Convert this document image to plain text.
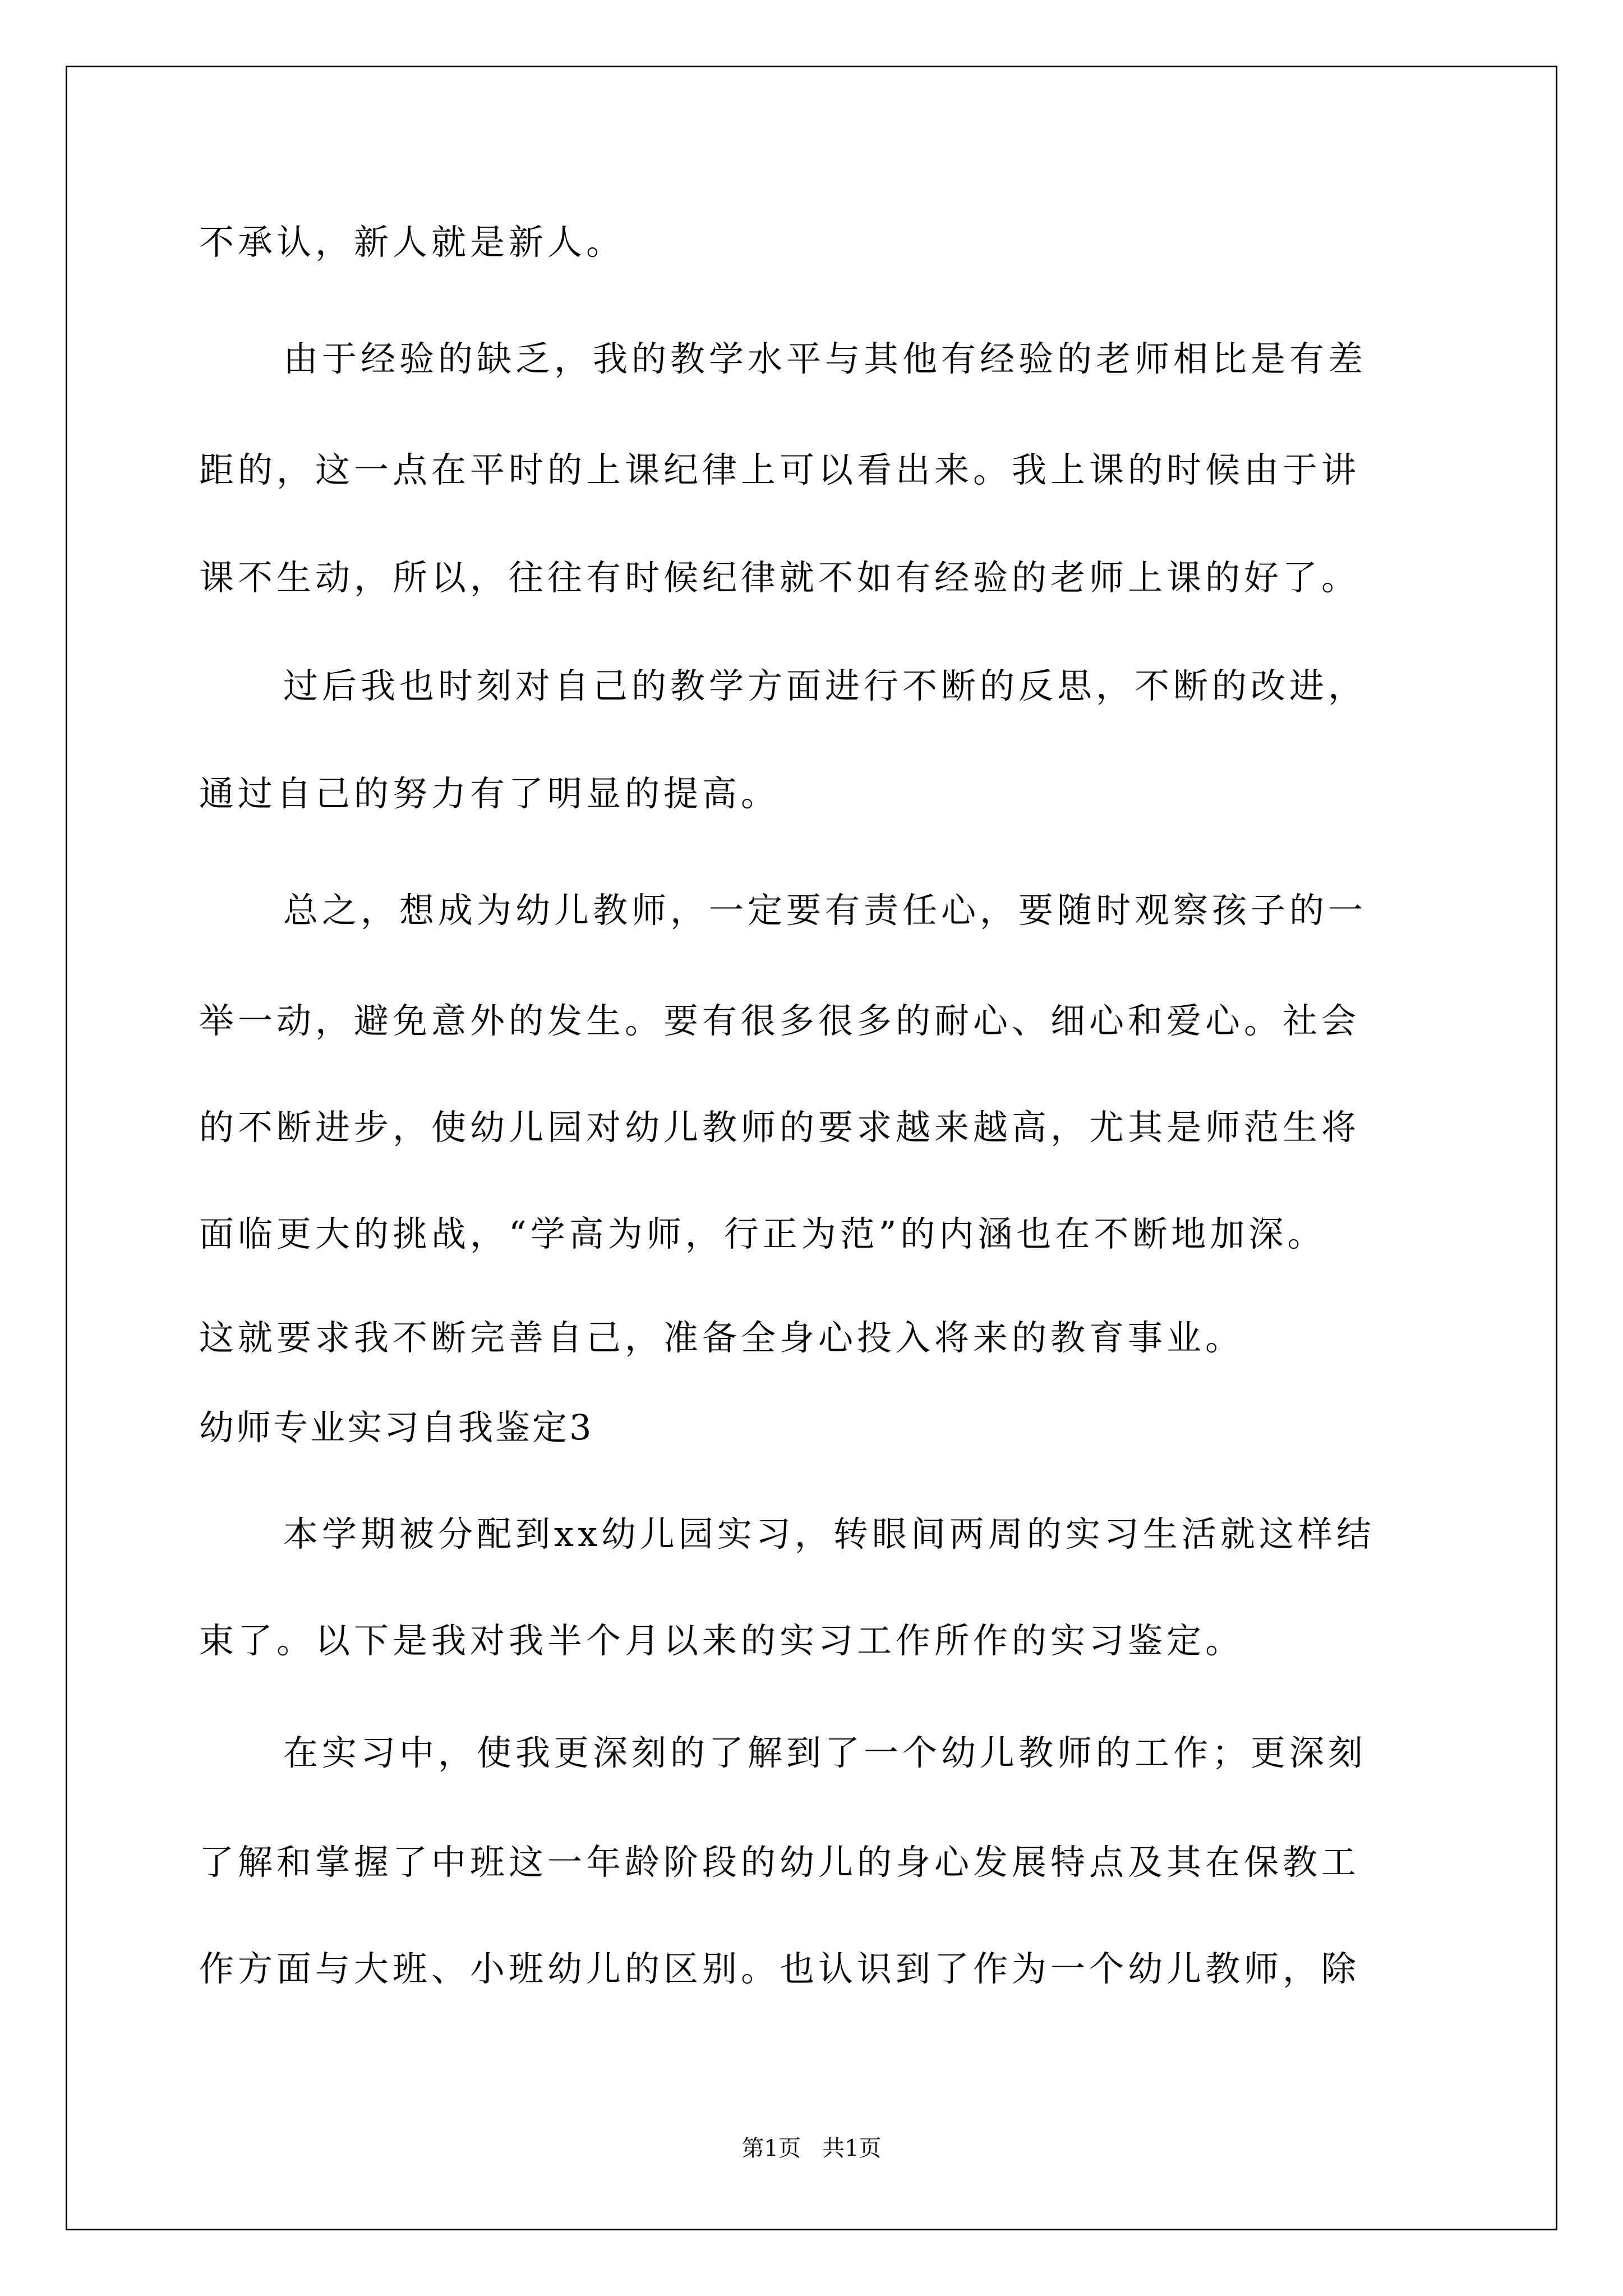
不承认，新人就是新人。
由于经验的缺乏，我的教学水平与其他有经验的老师相比是有差
距的，这一点在平时的上课纪律上可以看出来。我上课的时候由于讲
课不生动，所以，往往有时候纪律就不如有经验的老师上课的好了。
过后我也时刻对自己的教学方面进行不断的反思，不断的改进，
通过自己的努力有了明显的提高。
总之，想成为幼儿教师，一定要有责任心，要随时观察孩子的一
举一动，避免意外的发生。要有很多很多的耐心、细心和爱心。社会
的不断进步，使幼儿园对幼儿教师的要求越来越高，尤其是师范生将
面临更大的挑战，“学高为师，行正为范”的内涵也在不断地加深。
这就要求我不断完善自己，准备全身心投入将来的教育事业。
幼师专业实习自我鉴定3
本学期被分配到xx幼儿园实习，转眼间两周的实习生活就这样结
束了。以下是我对我半个月以来的实习工作所作的实习鉴定。
在实习中，使我更深刻的了解到了一个幼儿教师的工作；更深刻
了解和掌握了中班这一年龄阶段的幼儿的身心发展特点及其在保教工
作方面与大班、小班幼儿的区别。也认识到了作为一个幼儿教师，除
第1页   共1页
